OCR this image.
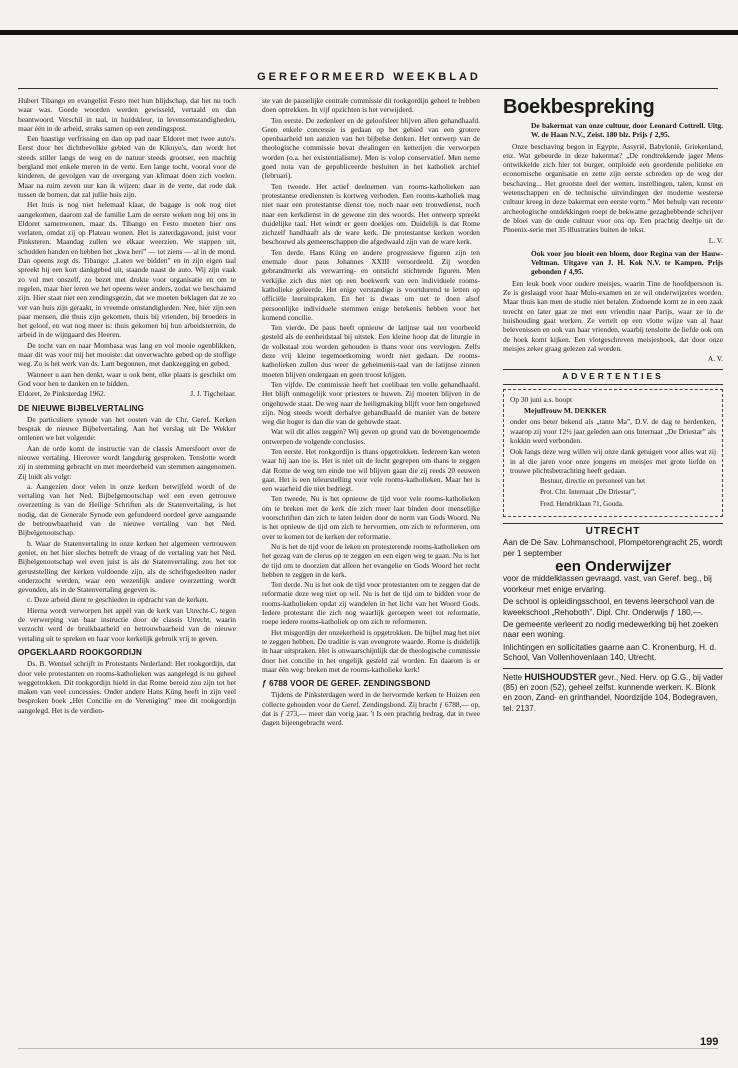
GEREFORMEERD WEEKBLAD

Hubert Tibango en evangelist Festo met hun blijdschap, dat het nu toch waar was. Goede woorden werden gewisseld, vertaald en dan beantwoord. Verschil in taal, in huidskleur, in levensomstandigheden, maar één in de arbeid, straks samen op een zendingspost.

Een haastige verfrissing en dan op pad naar Eldoret met twee auto's. Eerst door het dichtbevolkte gebied van de Kikuyu's, dan wordt het steeds stiller langs de weg en de natuur steeds grootser, een machtig bergland met enkele meren in de verte. Een lange tocht, vooral voor de kinderen, de gevolgen van de overgang van klimaat doen zich voelen. Maar na ruim zeven uur kan ik wijzen: daar in de verte, dat rode dak tussen de bomen, dat zal jullie huis zijn.

Het huis is nog niet helemaal klaar, de bagage is ook nog niet aangekomen, daarom zal de familie Lam de eerste weken nog bij ons in Eldoret samenwonen, maar ds. Tibango en Festo moeten hier ons verlaten, omdat zij op Plateau wonen. Het is zaterdagavond, juist voor Pinksteren. Maandag zullen we elkaar weerzien. We stappen uit, schudden handen en hebben het „kwa heri” — tot ziens — al in de mond. Dan opeens zegt ds. Tibango: „Laten we bidden” en in zijn eigen taal spreekt hij een kort dankgebed uit, staande naast de auto. Wij zijn vaak zo vol met onszelf, zo bezet met drukte voor organisatie en om te regelen, maar hier leren we het opeens weer anders, zodat we beschaamd zijn. Hier staat niet een zendingsgezin, dat we moeten beklagen dat ze zo ver van huis zijn geraakt, in vreemde omstandigheden. Nee, hier zijn een paar mensen, die thuis zijn gekomen, thuis bij vrienden, bij broeders in het geloof, en wat nog meer is: thuis gekomen bij hun arbeidsterrein, de arbeid in de wijngaard des Heeren.

De tocht van en naar Mombasa was lang en vol mooie ogenblikken, maar dit was voor mij het mooiste: dat onverwachte gebed op de stoffige weg. Zo is het werk van ds. Lam begonnen, met dankzegging en gebed.

Wanneer u aan hen denkt, waar u ook bent, elke plaats is geschikt om God voor hen te danken en te bidden.

Eldoret, 2e Pinksterdag 1962.	J. J. Tigchelaar.
DE NIEUWE BIJBELVERTALING

De particuliere synode van het oosten van de Chr. Geref. Kerken besprak de nieuwe Bijbelvertaling. Aan het verslag uit De Wekker ontlenen we het volgende:

Aan de orde komt de instructie van de classis Amersfoort over de nieuwe vertaling. Hierover wordt langdurig gesproken. Tenslotte wordt zij in stemming gebracht en met meerderheid van stemmen aangenomen. Zij luidt als volgt:

a. Aangezien door velen in onze kerken betwijfeld wordt of de vertaling van het Ned. Bijbelgenootschap wel een even getrouwe overzetting is van de Heilige Schriften als de Statenvertaling, is het nodig, dat de Generale Synode een gefundeerd oordeel geve aangaande de betrouwbaarheid van de nieuwe vertaling van het Ned. Bijbelgenootschap.

b. Waar de Statenvertaling in onze kerken het algemeen vertrouwen geniet, en het hier slechts betreft de vraag of de vertaling van het Ned. Bijbelgenootschap wel even juist is als de Statenvertaling, zou het tot geruststelling der kerken voldoende zijn, als de schriftgedeelten nader onderzocht werden, waar een wezenlijk andere overzetting wordt gevonden, als in de Statenvertaling gegeven is.

c. Deze arbeid dient te geschieden in opdracht van de kerken.

Hierna wordt verworpen het appèl van de kerk van Utrecht-C. tegen de verwerping van haar instructie door de classis Utrecht, waarin verzocht werd de bruikbaarheid en betrouwbaarheid van de nieuwe vertaling uit te spreken en haar voor kerkelijk gebruik vrij te geven.

OPGEKLAARD ROOKGORDIJN

Ds. B. Wentsel schrijft in Protestants Nederland: Het rookgordijn, dat door vele protestanten en rooms-katholieken was aangelegd is nu geheel weggetrokken. Dit rookgordijn hield in dat Rome bereid zou zijn tot het maken van veel concessies. Onder andere Hans Küng heeft in zijn veel besproken boek „Het Concilie en de Vereniging” mee dit rookgordijn aangelegd. Het is de verdien-

ste van de pauselijke centrale commissie dit rookgordijn geheel te hebben doen optrekken. In vijf opzichten is het verwijderd.

Ten eerste. De zedenleer en de geloofsleer blijven allen gehandhaafd. Geen enkele concessie is gedaan op het gebied van een grotere openbaarheid ten aanzien van het bijbelse denken. Het ontwerp van de theologische commissie bevat dwalingen en ketterijen die verworpen worden (o.a. het existentialisme). Men is volop conservatief. Men neme goed nota van de gepubliceerde besluiten in het katholiek archief (februari).

Ten tweede. Het actief deelnemen van rooms-katholieken aan protestantse erediensten is kortweg verboden. Een rooms-katholiek mag niet naar een protestantse dienst toe, noch naar een trouwdienst, noch naar een kerkdienst in de gewone zin des woords. Het ontwerp spreekt duidelijke taal. Het windt er geen doekjes om. Duidelijk is dat Rome zichzelf handhaaft als de ware kerk. De protestantse kerken worden beschouwd als gemeenschappen die afgedwaald zijn van de ware kerk.

Ten derde. Hans Küng en andere progressieve figuren zijn ten enemale door paus Johannes XXIII veroordeeld. Zij worden gebrandmerkt als verwarring- en ontsticht stichtende figuren. Men verkijke zich dus niet op een boekwerk van een individuele rooms-katholieke geleerde. Het enige verstandige is voortdurend te letten op officiële leeruitspraken. En het is dwaas om net te doen alsof persoonlijke individuele stemmen enige betekenis hebben voor het komend concilie.

Ten vierde. De paus heeft opnieuw de latijnse taal ten voorbeeld gesteld als de eenheidstaal bij uitstek. Een kleine hoop dat de liturgie in de volkstaal zou worden gehouden is thans voor ons vervlogen. Zelfs deze vrij kleine tegemoetkoming wordt niet gedaan. De rooms-katholieken zullen dus weer de geheimenis-taal van de latijnse zinnen moeten blijven ondergaan en geen troost krijgen.

Ten vijfde. De commissie heeft het coelibaat ten volle gehandhaafd. Het blijft onmogelijk voor priesters te huwen. Zij moeten blijven in de ongehuwde staat. De weg naar de heiligmaking blijft voor hen ongehuwd zijn. Nog steeds wordt derhalve gehandhaafd de manier van de betere weg die hoger is dan die van de gehuwde staat.

Wat wil dit alles zeggen? Wij geven op grond van de bovengenoemde ontwerpen de volgende conclusies.

Ten eerste. Het rookgordijn is thans opgetrokken. Iedereen kan weten waar hij aan toe is. Het is niet uit de lucht gegrepen om thans te zeggen dat Rome de weg ten einde toe wil blijven gaan die zij reeds 20 eeuwen gaat. Het is een teleurstelling voor vele rooms-katholieken. Maar het is een waarheid die niet bedriegt.

Ten tweede. Nu is het opnieuw de tijd voor vele rooms-katholieken om te breken met de kerk die zich meer laat binden door menselijke voorschriften dan zich te laten leiden door de norm van Gods Woord. Nu is het opnieuw de tijd om zich te hervormen, om zich te reformeren, om over te komen tot de kerken der reformatie.

Nu is het de tijd voor de leken en protesterende rooms-katholieken om het gezag van de clerus op te zeggen en een eigen weg te gaan. Nu is het de tijd om te doorzien dat alleen het evangelie en Gods Woord het recht hebben te zeggen in de kerk.

Ten derde. Nu is het ook de tijd voor protestanten om te zeggen dat de reformatie deze weg niet op wil. Nu is het de tijd om te bidden voor de rooms-katholieken opdat zij wandelen in het licht van het Woord Gods. Iedere protestant die zich nog waarlijk geroepen weet tot reformatie, roepe iedere rooms-katholiek op om zich te reformeren.

Het misgordijn der onzekerheid is opgetrokken. De bijbel mag het niet te zeggen hebben. De traditie is van evengrote waarde. Rome is duidelijk in haar uitspraken. Het is onwaarschijnlijk dat de theologische commissie door het concilie in het ongelijk gesteld zal worden. En daarom is er maar één weg: breken met de rooms-katholieke kerk!

ƒ 6788 VOOR DE GEREF. ZENDINGSBOND

Tijdens de Pinksterdagen werd in de hervormde kerken te Huizen een collecte gehouden voor de Geref. Zendingsbond. Zij bracht ƒ 6788,— op, dat is ƒ 273,— meer dan vorig jaar. 't Is een prachtig bedrag, dat in twee dagen bijeengebracht werd.

Boekbespreking

De bakermat van onze cultuur, door Leonard Cottrell. Uitg. W. de Haan N.V., Zeist. 180 blz. Prijs ƒ 2,95.

Onze beschaving begon in Egypte, Assyrië, Babylonië, Griekenland, enz. Wat gebeurde in deze bakermat? „De rondtrekkende jager Mens ontwikkelde zich hier tot burger, ontploide een geordende politieke en economische organisatie en zette zijn eerste schreden op de weg der beschaving... Het grootste deel der wetten, instellingen, talen, kunst en wetenschappen en de technische uitvindingen der moderne westerse cultuur kreeg in deze bakermat een eerste vorm.” Met behulp van recente archeologische ontdekkingen roept de bekwame gezaghebbende schrijver de bloei van de oude cultuur voor ons op. Een prachtig deeltje uit de Phoenix-serie met 35 illustraties buiten de tekst.

L. V.

Ook voor jou bloeit een bloem, door Regina van der Hauw-Veltman. Uitgave van J. H. Kok N.V. te Kampen. Prijs gebonden ƒ 4,95.

Een leuk boek voor oudere meisjes, waarin Tine de hoofdpersoon is. Ze is geslaagd voor haar Mulo-examen en ze wil onderwijzeres worden. Maar thuis kan men de studie niet betalen. Zodoende komt ze in een zaak terecht en later gaat ze met een vriendin naar Parijs, waar ze in de huishouding gaat werken. Ze vertelt op een vlotte wijze van al haar belevenissen en ook van haar vrienden, waarbij tenslotte de liefde ook om de hoek komt kijken. Een vlotgeschreven meisjesboek, dat door onze meisjes zeker graag gelezen zal worden.

A. V.
ADVERTENTIES

Op 30 juni a.s. hoopt

Mejuffrouw M. DEKKER

onder ons beter bekend als „tante Ma”, D.V. de dag te herdenken, waarop zij voor 12½ jaar geleden aan ons Internaat „De Driestar” als kokkin werd verbonden.

Ook langs deze weg willen wij onze dank getuigen voor alles wat zij in al die jaren voor onze jongens en meisjes met grote liefde en trouwe plichtsbetrachting heeft gedaan.

Bestuur, directie en personeel van het

Prot. Chr. Internaat „De Driestar”,

Fred. Hendriklaan 71, Gouda.

UTRECHT

Aan de De Sav. Lohmanschool, Plompetorengracht 25, wordt per 1 september

een Onderwijzer

voor de middelklassen gevraagd. vast, van Geref. beg., bij voorkeur met enige ervaring.

De school is opleidingsschool, en tevens leerschool van de kweekschool „Rehoboth”. Dipl. Chr. Onderwijs ƒ 180,—.

De gemeente verleent zo nodig medewerking bij het zoeken naar een woning.

Inlichtingen en sollicitaties gaarne aan C. Kronenburg, H. d. School, Van Vollenhovenlaan 140, Utrecht.

Nette HUISHOUDSTER gevr., Ned. Herv. op G.G., bij vader (85) en zoon (52), geheel zelfst. kunnende werken. K. Blonk en zoon, Zand- en grinthandel, Noordzijde 104, Bodegraven, tel. 2137.

199
